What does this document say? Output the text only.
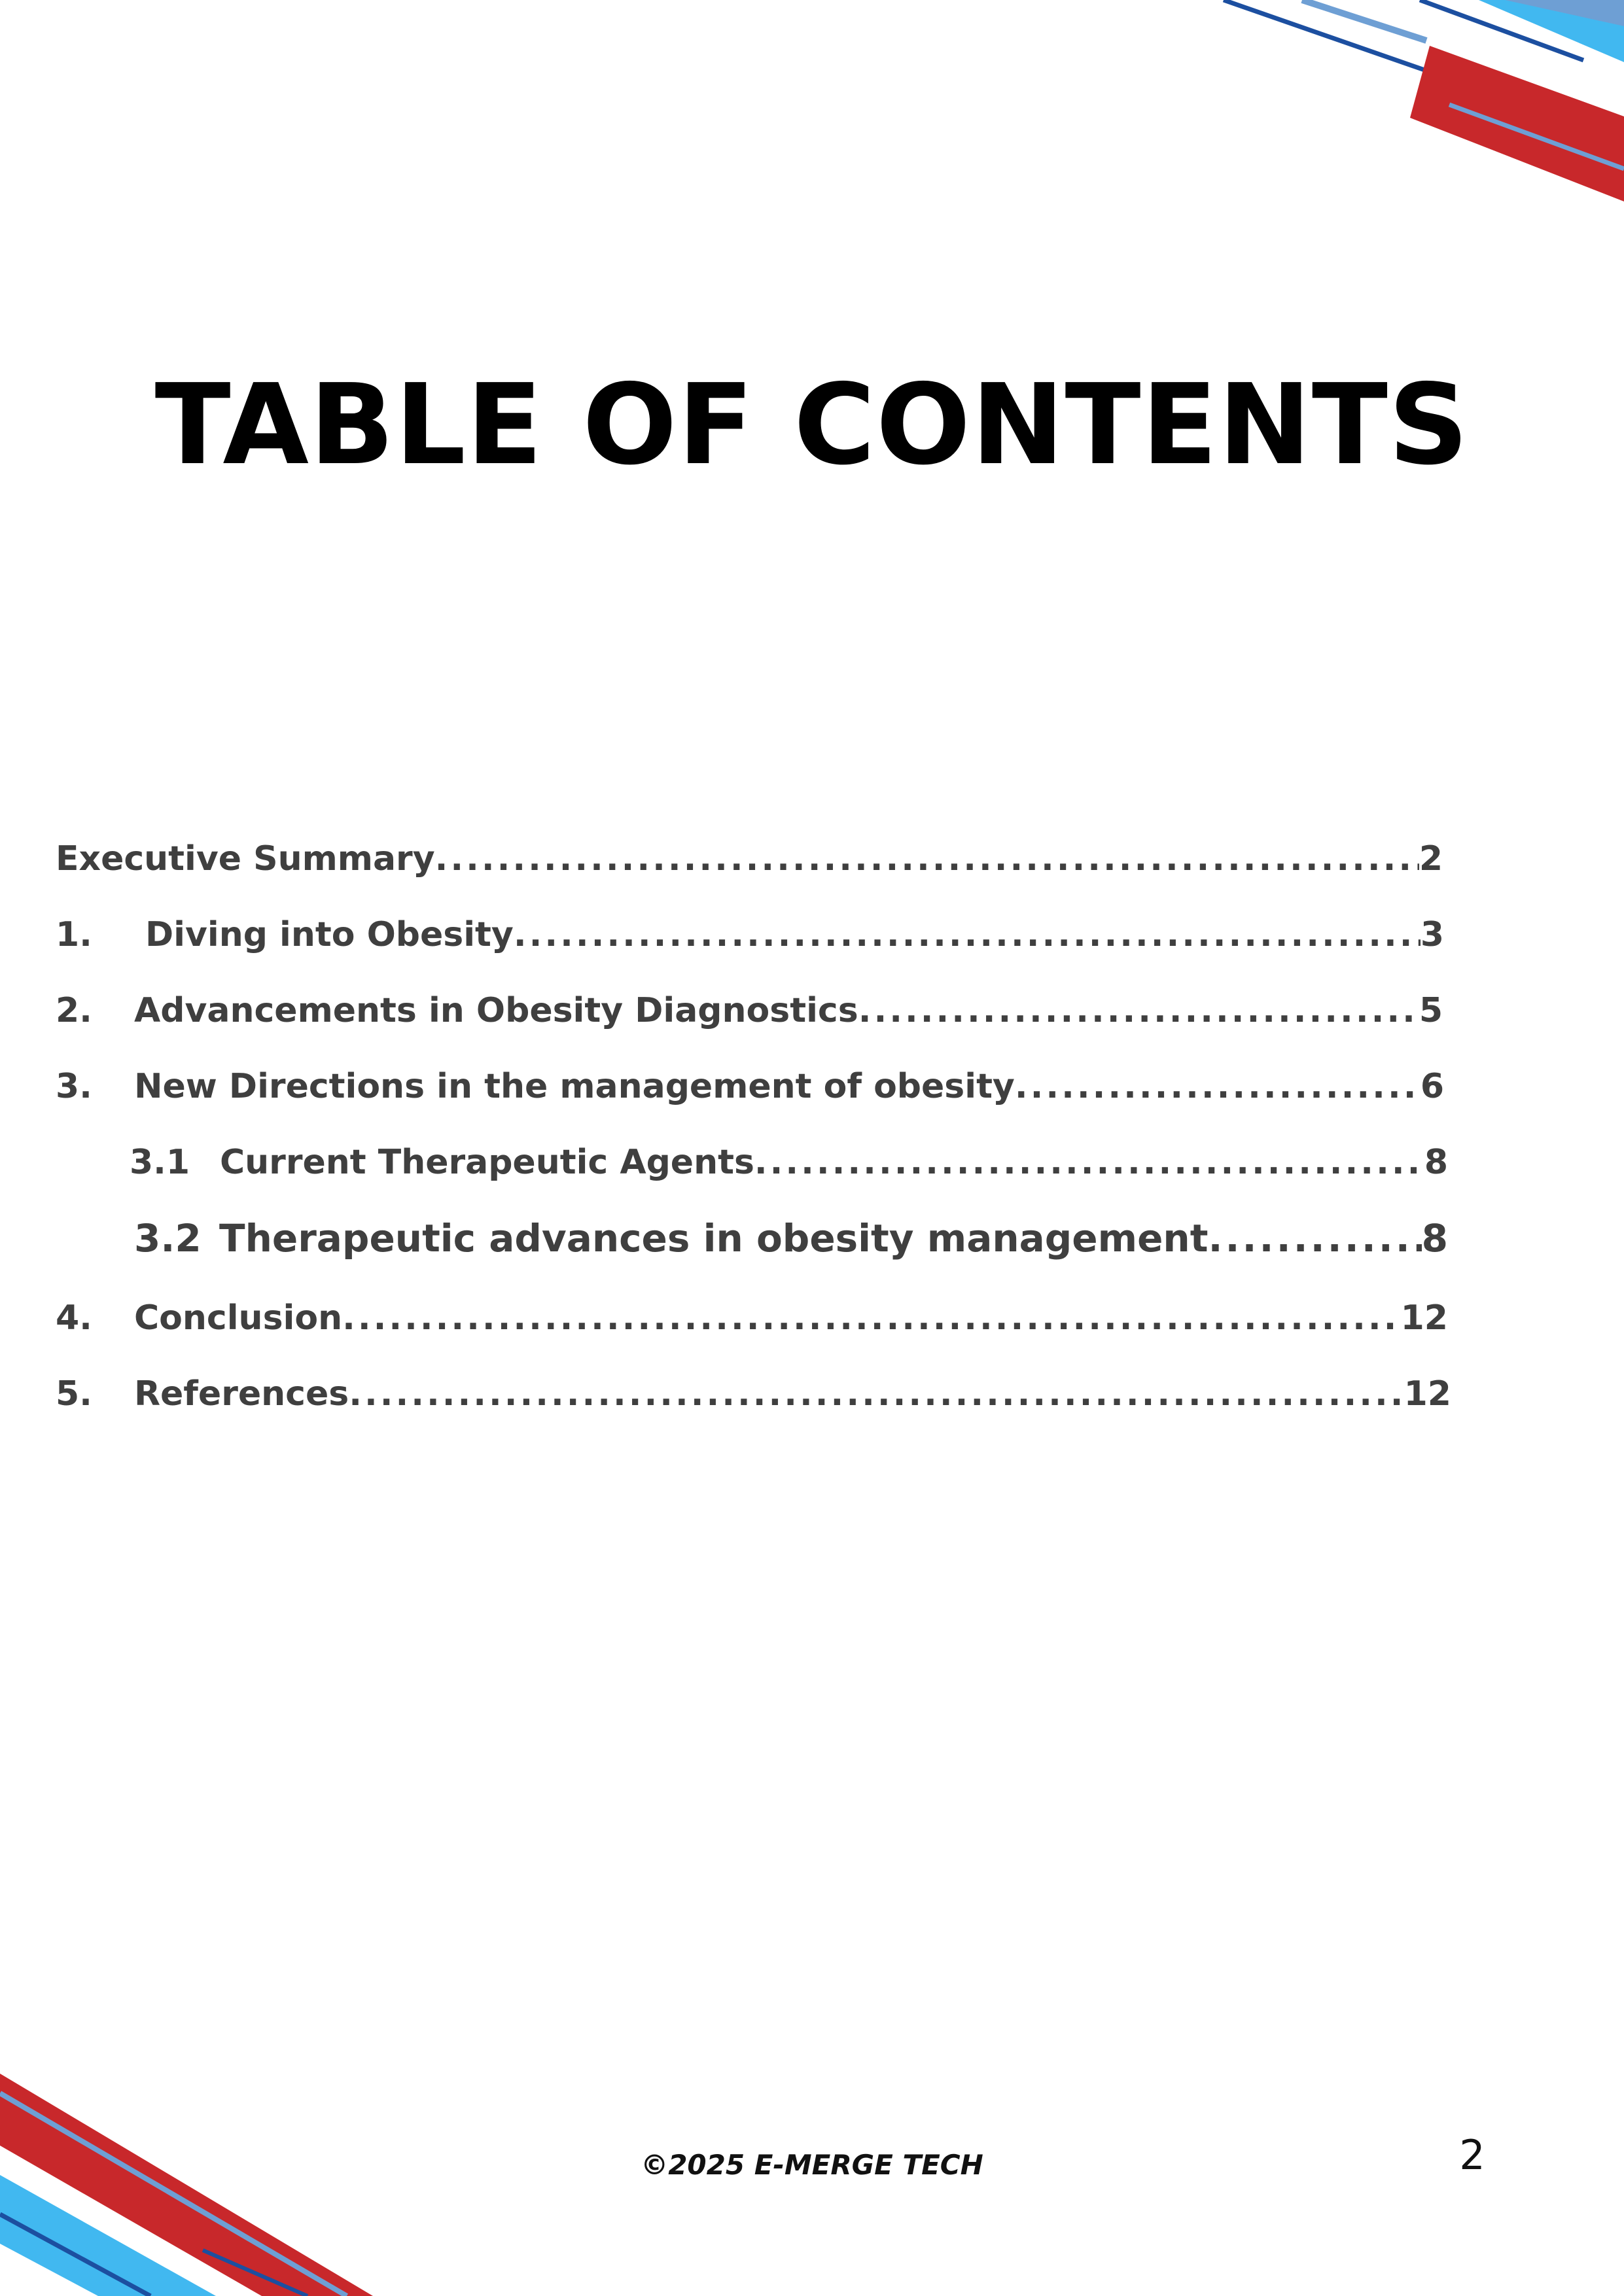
TABLE OF CONTENTS
Executive Summary .....	2
1.	Diving into Obesity .....	3
2.	Advancements in Obesity Diagnostics .....	5
3.	New Directions in the management of obesity .....	6
3.1 Current Therapeutic Agents .....	8
3.2 Therapeutic advances in obesity management .....	8
4.	Conclusion .....	12
5.	References .....	12
©2025 E-MERGE TECH	2
